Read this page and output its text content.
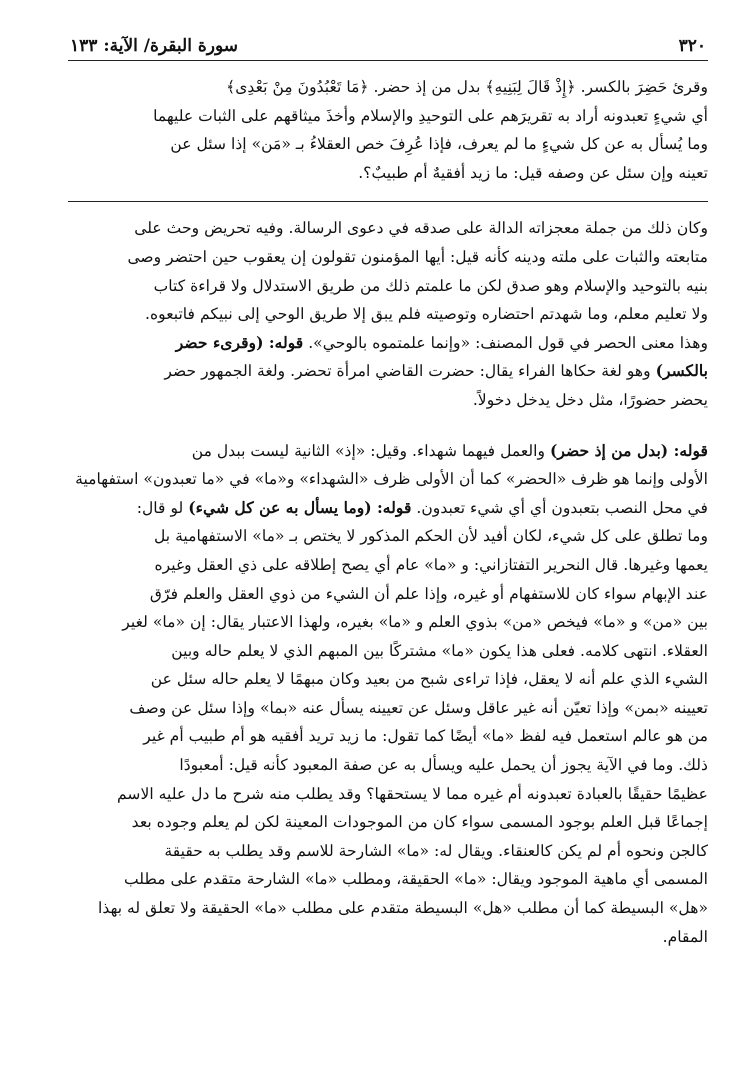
٣٢٠
سورة البقرة/ الآية: ١٣٣

وقرئ حَضِرَ بالكسر. ﴿إِذْ قَالَ لِبَنِيهِ﴾ بدل من إذ حضر. ﴿مَا تَعْبُدُونَ مِنْ بَعْدِى﴾

أي شيءٍ تعبدونه أراد به تقريرَهم على التوحيدِ والإسلام وأخذَ ميثاقهم على الثبات عليهما

وما يُسأل به عن كل شيءٍ ما لم يعرف، فإذا عُرِفَ خص العقلاءُ بـ «مَن» إذا سئل عن

تعينه وإن سئل عن وصفه قيل: ما زيد أفقيهٌ أم طبيبٌ؟.

وكان ذلك من جملة معجزاته الدالة على صدقه في دعوى الرسالة. وفيه تحريض وحث على

متابعته والثبات على ملته ودينه كأنه قيل: أيها المؤمنون تقولون إن يعقوب حين احتضر وصى

بنيه بالتوحيد والإسلام وهو صدق لكن ما علمتم ذلك من طريق الاستدلال ولا قراءة كتاب

ولا تعليم معلم، وما شهدتم احتضاره وتوصيته فلم يبق إلا طريق الوحي إلى نبيكم فاتبعوه.

وهذا معنى الحصر في قول المصنف: «وإنما علمتموه بالوحي». قوله: (وقرىء حضر

بالكسر) وهو لغة حكاها الفراء يقال: حضرت القاضي امرأة تحضر. ولغة الجمهور حضر

يحضر حضورًا، مثل دخل يدخل دخولاً.

قوله: (بدل من إذ حضر) والعمل فيهما شهداء. وقيل: «إذ» الثانية ليست ببدل من

الأولى وإنما هو ظرف «الحضر» كما أن الأولى ظرف «الشهداء» و«ما» في «ما تعبدون» استفهامية

في محل النصب بتعبدون أي أي شيء تعبدون. قوله: (وما يسأل به عن كل شيء) لو قال:

وما تطلق على كل شيء، لكان أفيد لأن الحكم المذكور لا يختص بـ «ما» الاستفهامية بل

يعمها وغيرها. قال النحرير التفتازاني: و «ما» عام أي يصح إطلاقه على ذي العقل وغيره

عند الإبهام سواء كان للاستفهام أو غيره، وإذا علم أن الشيء من ذوي العقل والعلم فرّق

بين «من» و «ما» فيخص «من» بذوي العلم و «ما» بغيره، ولهذا الاعتبار يقال: إن «ما» لغير

العقلاء. انتهى كلامه. فعلى هذا يكون «ما» مشتركًا بين المبهم الذي لا يعلم حاله وبين

الشيء الذي علم أنه لا يعقل، فإذا تراءى شبح من بعيد وكان مبهمًا لا يعلم حاله سئل عن

تعيينه «بمن» وإذا تعيّن أنه غير عاقل وسئل عن تعيينه يسأل عنه «بما» وإذا سئل عن وصف

من هو عالم استعمل فيه لفظ «ما» أيضًا كما تقول: ما زيد تريد أفقيه هو أم طبيب أم غير

ذلك. وما في الآية يجوز أن يحمل عليه ويسأل به عن صفة المعبود كأنه قيل: أمعبودًا

عظيمًا حقيقًا بالعبادة تعبدونه أم غيره مما لا يستحقها؟ وقد يطلب منه شرح ما دل عليه الاسم

إجماعًا قبل العلم بوجود المسمى سواء كان من الموجودات المعينة لكن لم يعلم وجوده بعد

كالجن ونحوه أم لم يكن كالعنقاء. ويقال له: «ما» الشارحة للاسم وقد يطلب به حقيقة

المسمى أي ماهية الموجود ويقال: «ما» الحقيقة، ومطلب «ما» الشارحة متقدم على مطلب

«هل» البسيطة كما أن مطلب «هل» البسيطة متقدم على مطلب «ما» الحقيقة ولا تعلق له بهذا

المقام.
